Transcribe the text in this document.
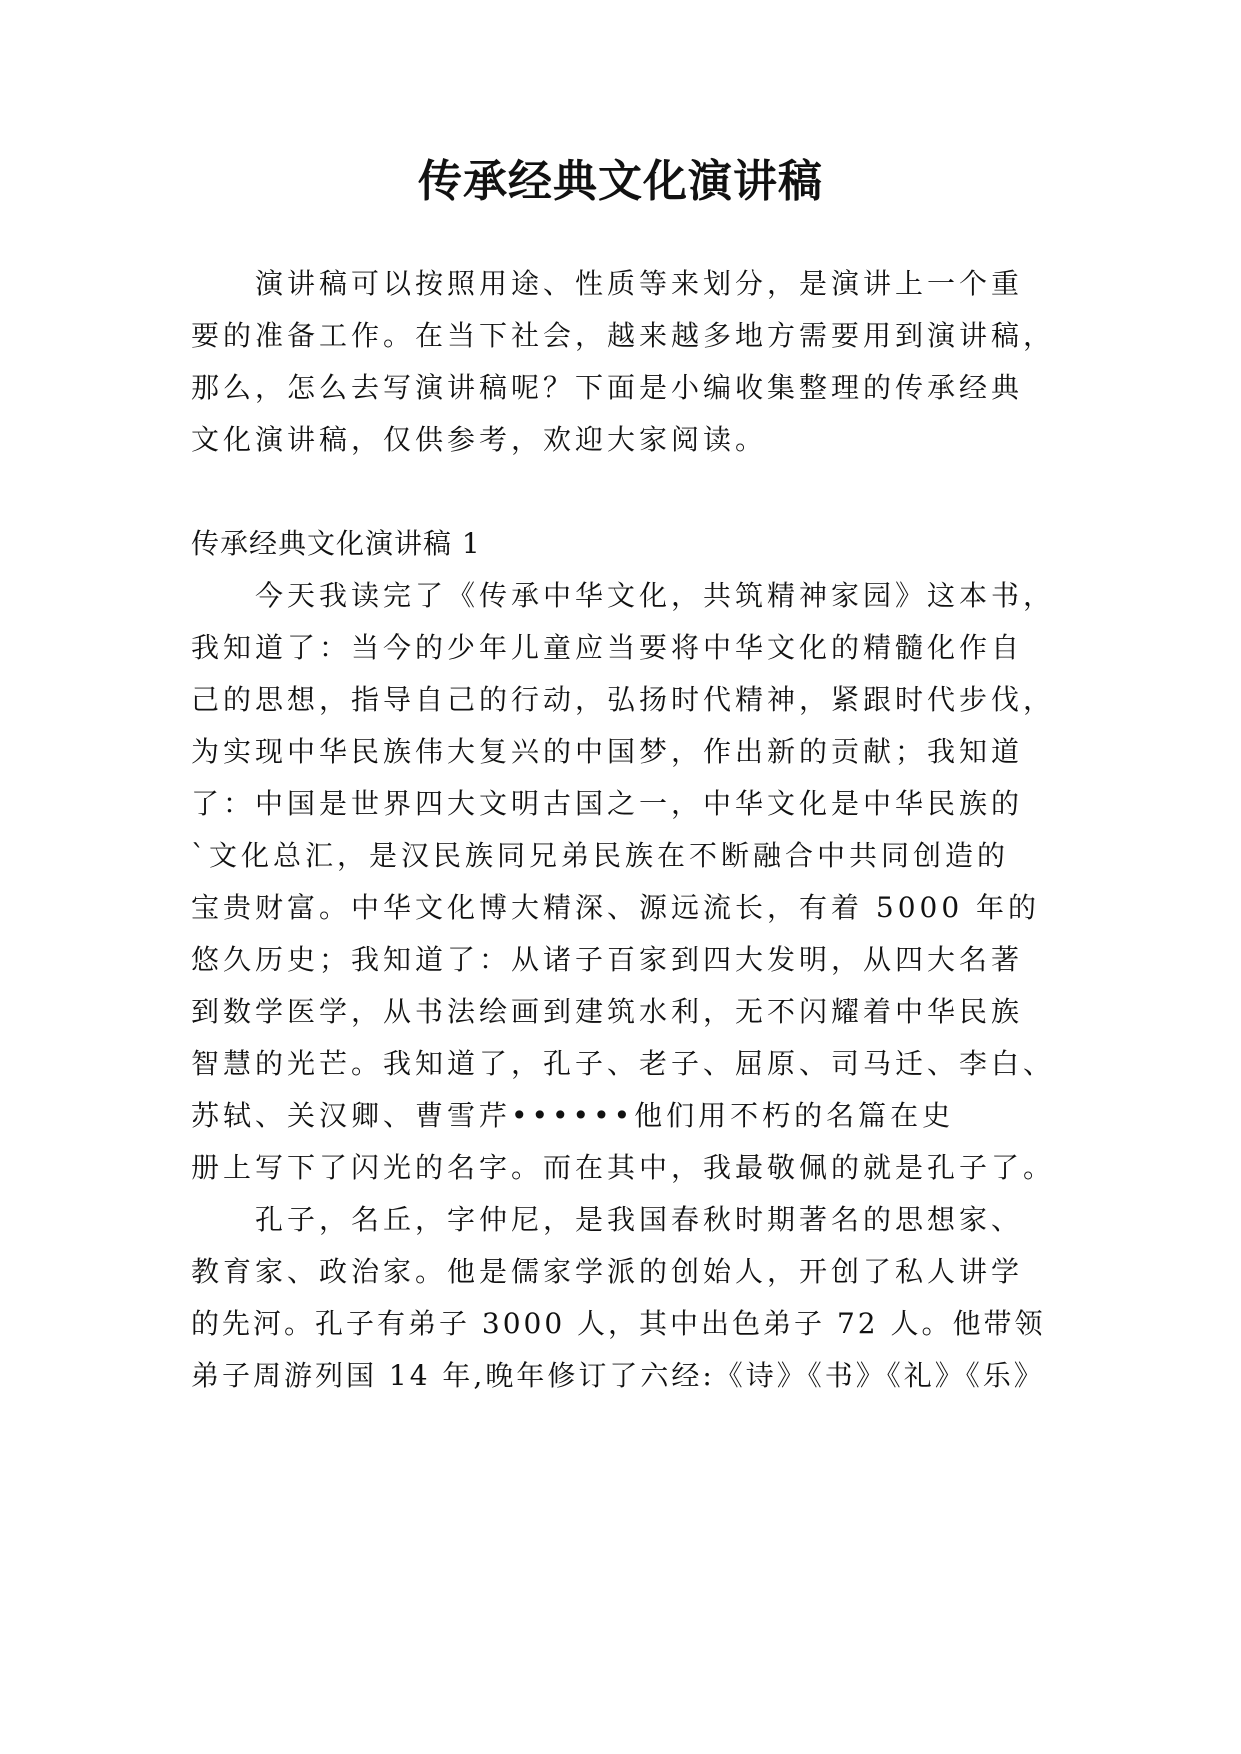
传承经典文化演讲稿
演讲稿可以按照用途、性质等来划分，是演讲上一个重
要的准备工作。在当下社会，越来越多地方需要用到演讲稿，
那么，怎么去写演讲稿呢？下面是小编收集整理的传承经典
文化演讲稿，仅供参考，欢迎大家阅读。
传承经典文化演讲稿 1
今天我读完了《传承中华文化，共筑精神家园》这本书，
我知道了：当今的少年儿童应当要将中华文化的精髓化作自
己的思想，指导自己的行动，弘扬时代精神，紧跟时代步伐，
为实现中华民族伟大复兴的中国梦，作出新的贡献；我知道
了：中国是世界四大文明古国之一，中华文化是中华民族的
`文化总汇，是汉民族同兄弟民族在不断融合中共同创造的
宝贵财富。中华文化博大精深、源远流长，有着 5000 年的
悠久历史；我知道了：从诸子百家到四大发明，从四大名著
到数学医学，从书法绘画到建筑水利，无不闪耀着中华民族
智慧的光芒。我知道了，孔子、老子、屈原、司马迁、李白、
苏轼、关汉卿、曹雪芹••••••他们用不朽的名篇在史
册上写下了闪光的名字。而在其中，我最敬佩的就是孔子了。
孔子，名丘，字仲尼，是我国春秋时期著名的思想家、
教育家、政治家。他是儒家学派的创始人，开创了私人讲学
的先河。孔子有弟子 3000 人，其中出色弟子 72 人。他带领
弟子周游列国 14 年,晚年修订了六经:《诗》《书》《礼》《乐》
